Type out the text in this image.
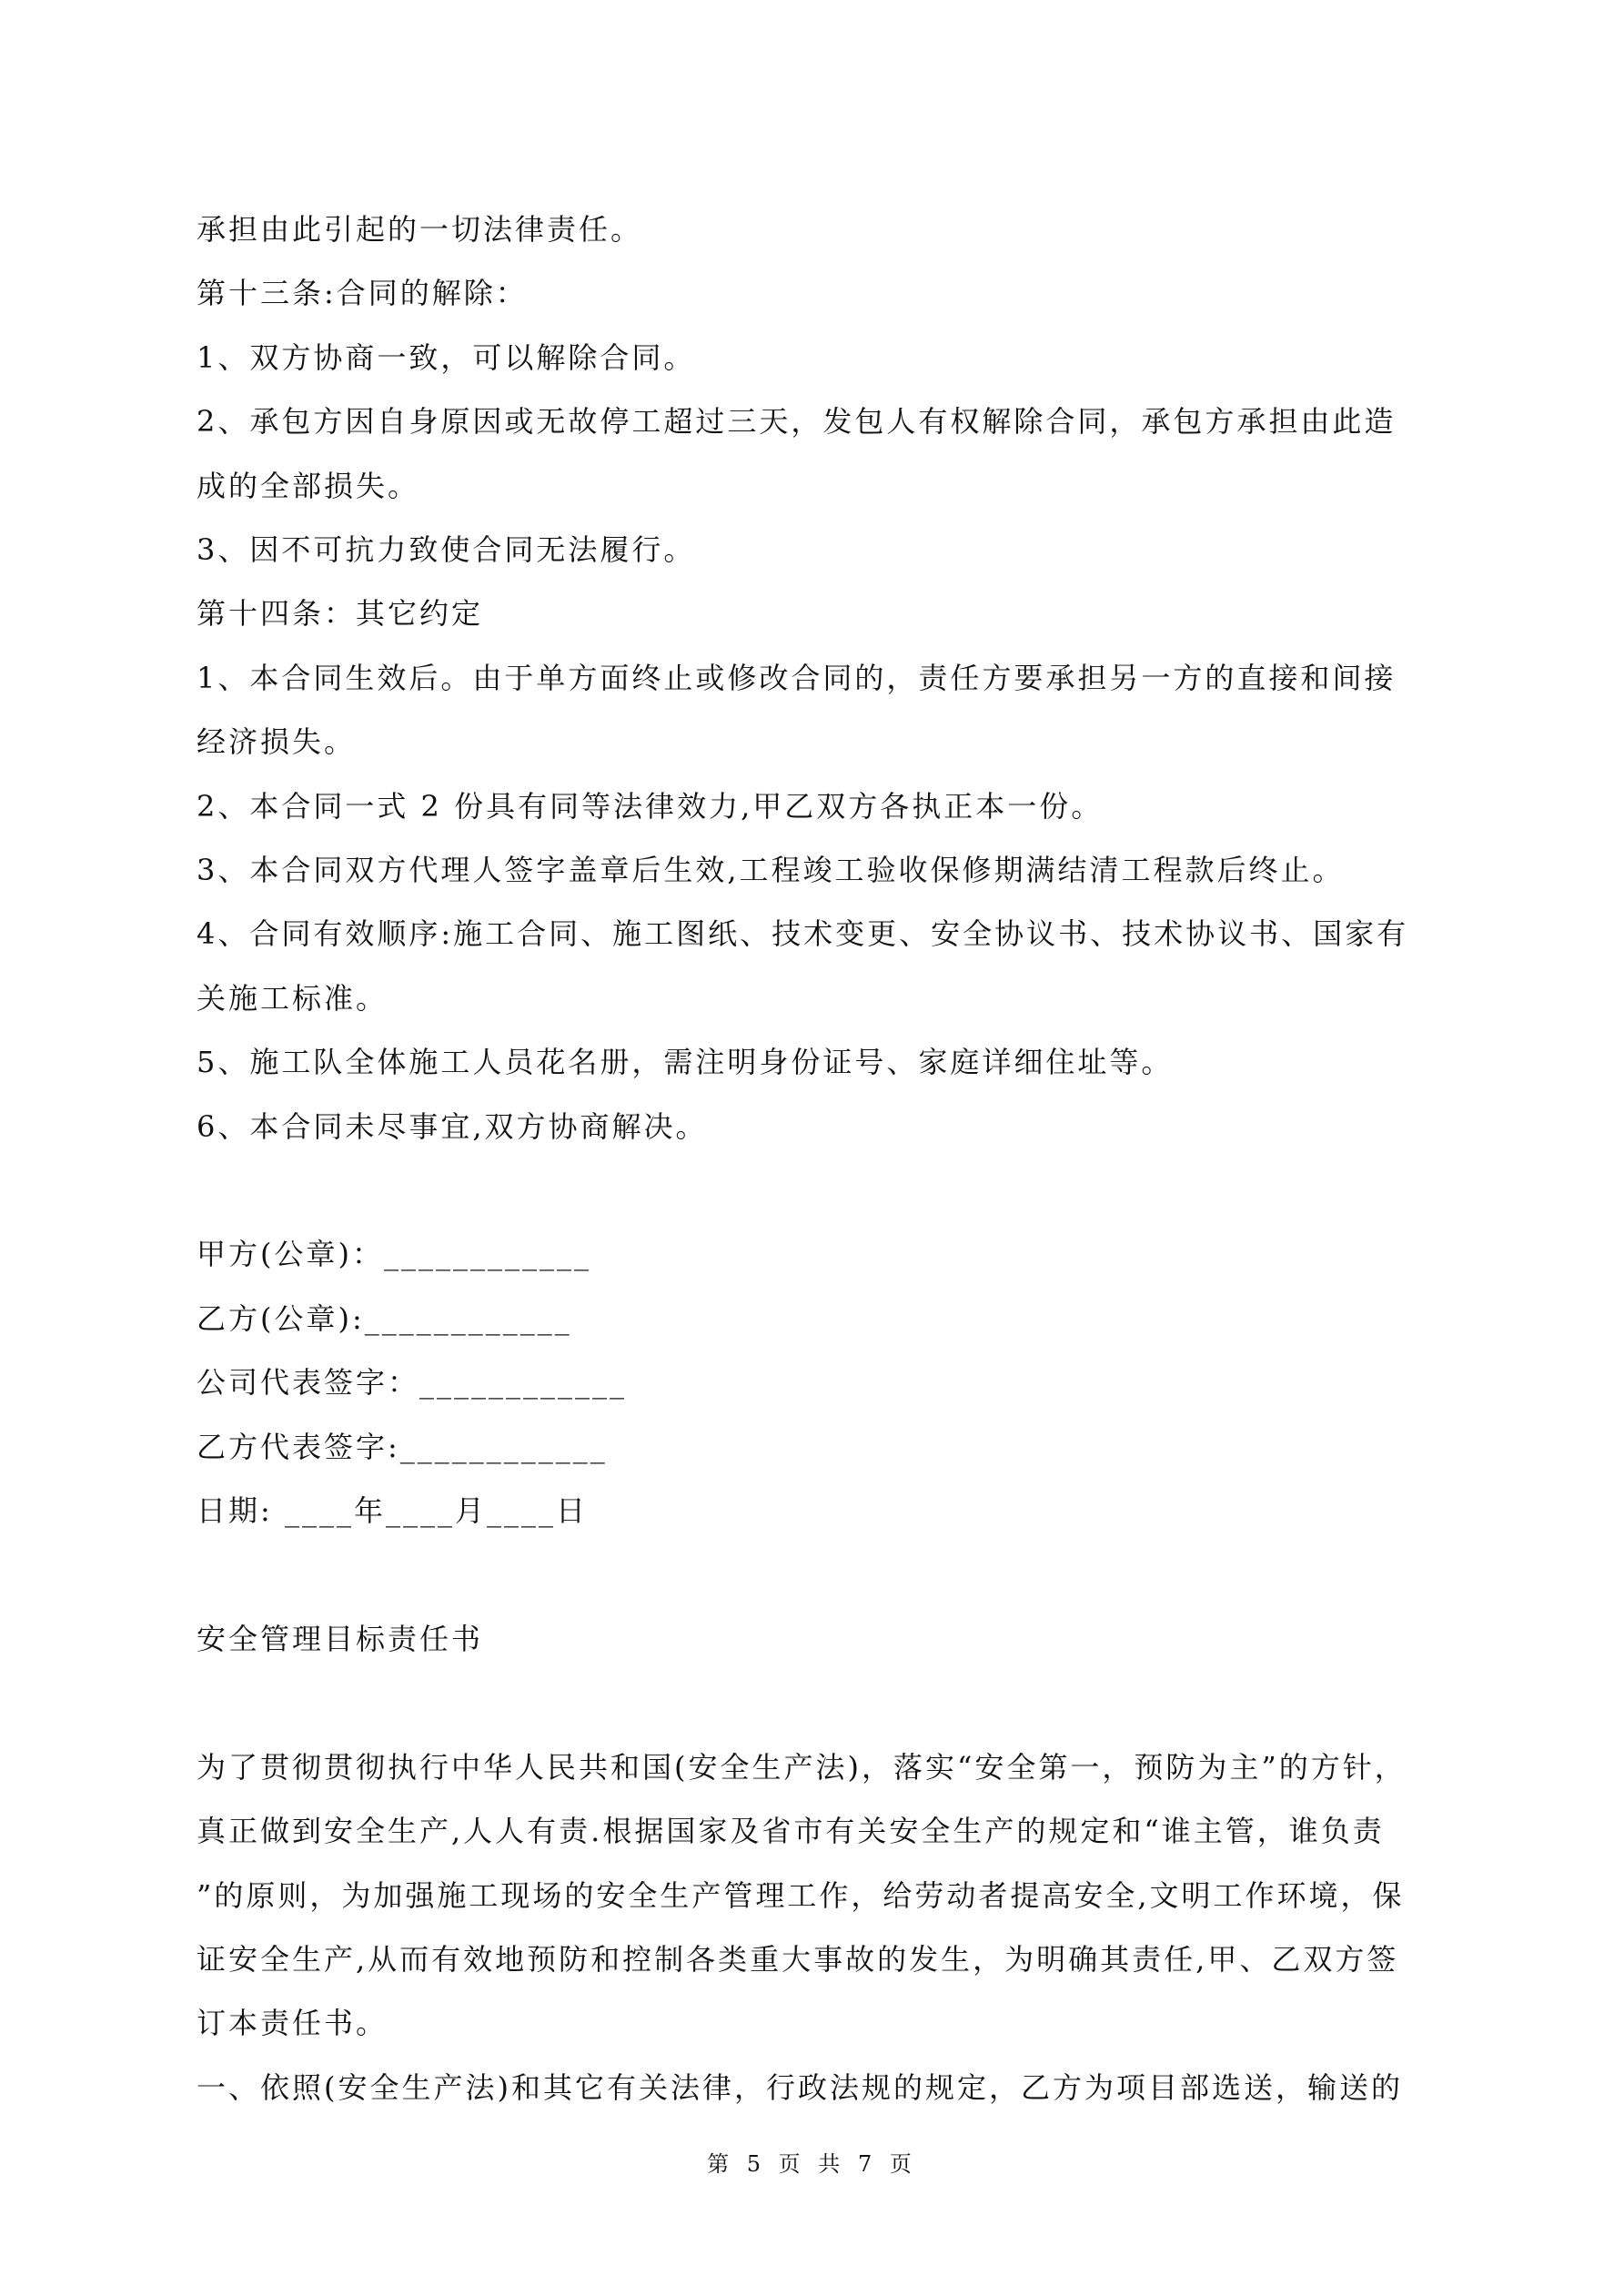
承担由此引起的一切法律责任。
第十三条:合同的解除：
1、双方协商一致，可以解除合同。
2、承包方因自身原因或无故停工超过三天，发包人有权解除合同，承包方承担由此造
成的全部损失。
3、因不可抗力致使合同无法履行。
第十四条：其它约定
1、本合同生效后。由于单方面终止或修改合同的，责任方要承担另一方的直接和间接
经济损失。
2、本合同一式 2 份具有同等法律效力,甲乙双方各执正本一份。
3、本合同双方代理人签字盖章后生效,工程竣工验收保修期满结清工程款后终止。
4、合同有效顺序:施工合同、施工图纸、技术变更、安全协议书、技术协议书、国家有
关施工标准。
5、施工队全体施工人员花名册，需注明身份证号、家庭详细住址等。
6、本合同未尽事宜,双方协商解决。
甲方(公章)：____________
乙方(公章):____________
公司代表签字：____________
乙方代表签字:____________
日期: ____年____月____日
安全管理目标责任书
为了贯彻贯彻执行中华人民共和国(安全生产法)，落实“安全第一，预防为主”的方针，
真正做到安全生产,人人有责.根据国家及省市有关安全生产的规定和“谁主管，谁负责
”的原则，为加强施工现场的安全生产管理工作，给劳动者提高安全,文明工作环境，保
证安全生产,从而有效地预防和控制各类重大事故的发生，为明确其责任,甲、乙双方签
订本责任书。
一、依照(安全生产法)和其它有关法律，行政法规的规定，乙方为项目部选送，输送的
第 5 页 共 7 页
